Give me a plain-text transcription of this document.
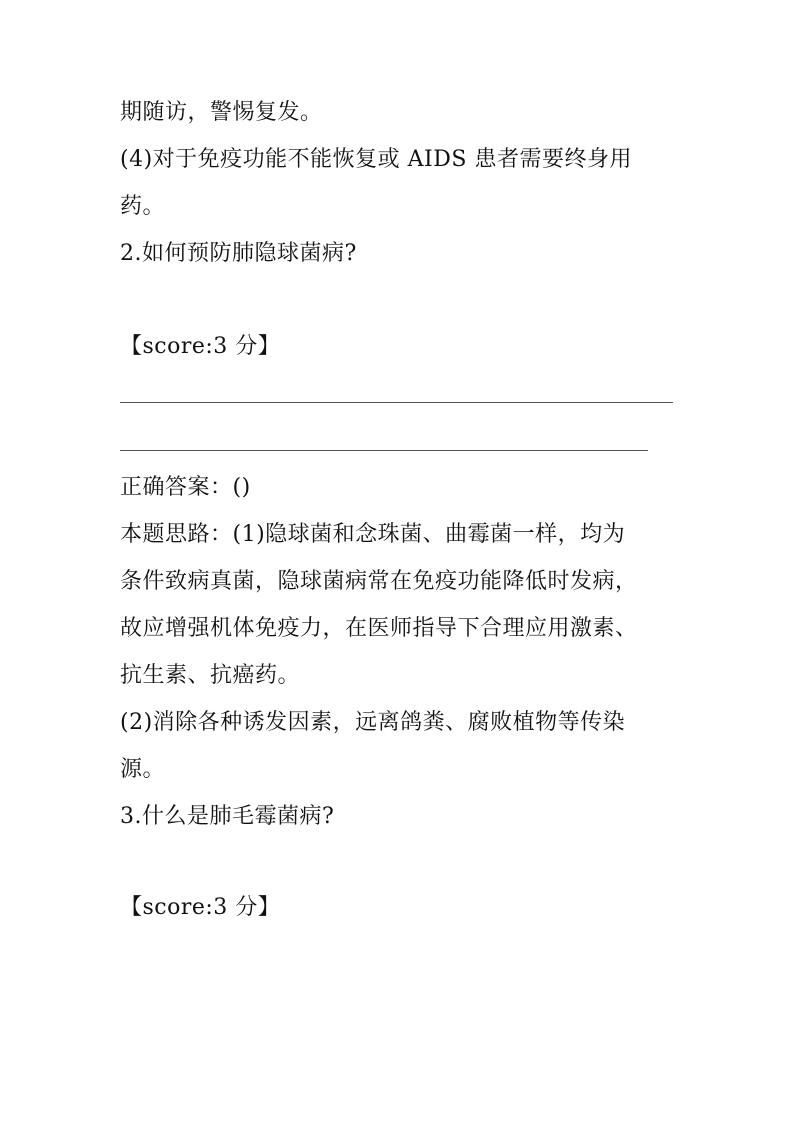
期随访，警惕复发。
(4)对于免疫功能不能恢复或 AIDS 患者需要终身用
药。
2.如何预防肺隐球菌病?
【score:3 分】
正确答案：()
本题思路：(1)隐球菌和念珠菌、曲霉菌一样，均为
条件致病真菌，隐球菌病常在免疫功能降低时发病，
故应增强机体免疫力，在医师指导下合理应用激素、
抗生素、抗癌药。
(2)消除各种诱发因素，远离鸽粪、腐败植物等传染
源。
3.什么是肺毛霉菌病?
【score:3 分】
